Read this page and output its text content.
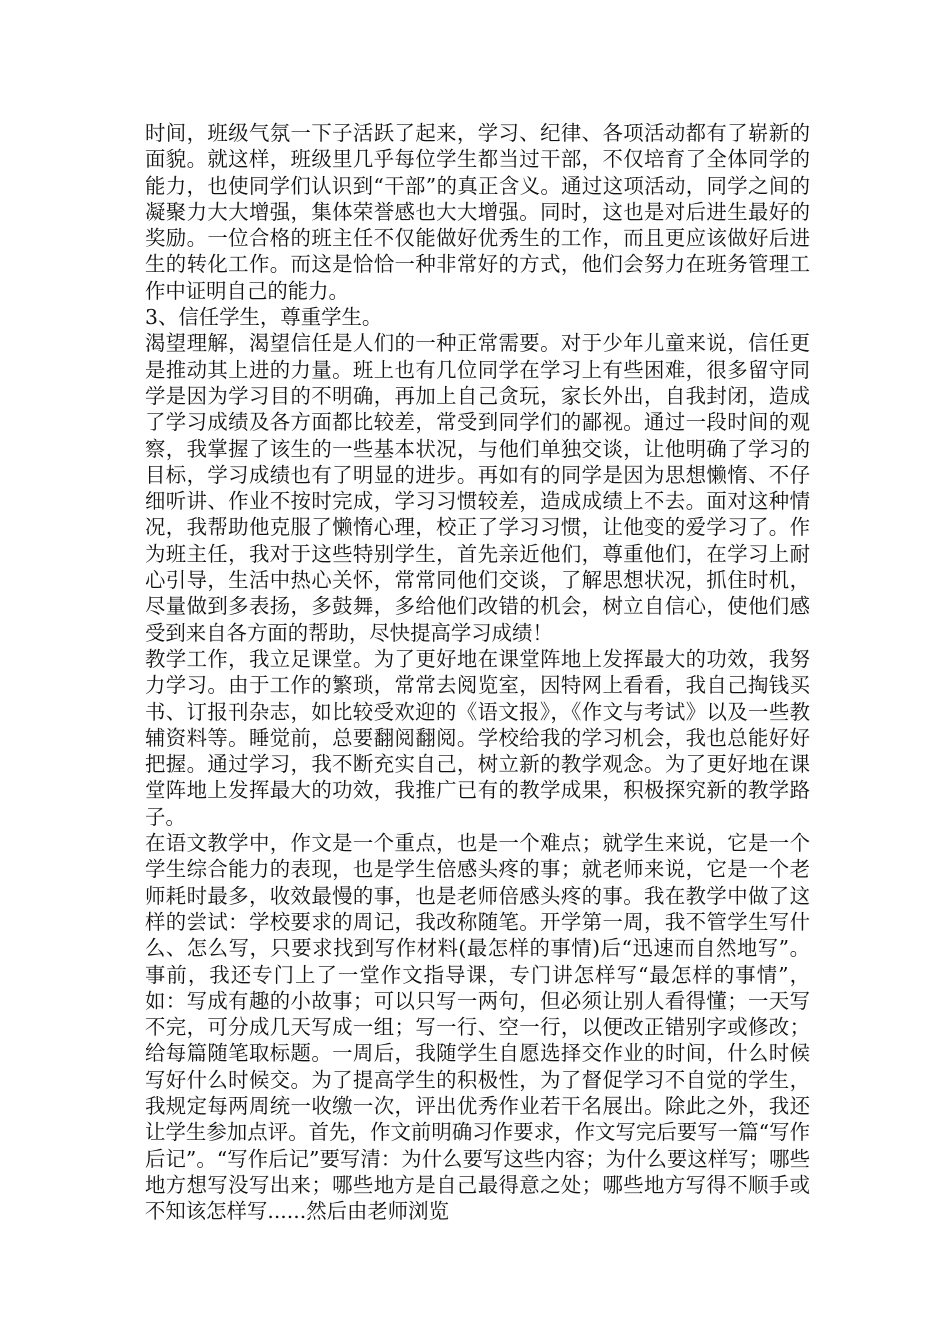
时间，班级气氛一下子活跃了起来，学习、纪律、各项活动都有了崭新的面貌。就这样，班级里几乎每位学生都当过干部，不仅培育了全体同学的能力，也使同学们认识到“干部”的真正含义。通过这项活动，同学之间的凝聚力大大增强，集体荣誉感也大大增强。同时，这也是对后进生最好的奖励。一位合格的班主任不仅能做好优秀生的工作，而且更应该做好后进生的转化工作。而这是恰恰一种非常好的方式，他们会努力在班务管理工作中证明自己的能力。

3、信任学生，尊重学生。

渴望理解，渴望信任是人们的一种正常需要。对于少年儿童来说，信任更是推动其上进的力量。班上也有几位同学在学习上有些困难，很多留守同学是因为学习目的不明确，再加上自己贪玩，家长外出，自我封闭，造成了学习成绩及各方面都比较差，常受到同学们的鄙视。通过一段时间的观察，我掌握了该生的一些基本状况，与他们单独交谈，让他明确了学习的目标，学习成绩也有了明显的进步。再如有的同学是因为思想懒惰、不仔细听讲、作业不按时完成，学习习惯较差，造成成绩上不去。面对这种情况，我帮助他克服了懒惰心理，校正了学习习惯，让他变的爱学习了。作为班主任，我对于这些特别学生，首先亲近他们，尊重他们，在学习上耐心引导，生活中热心关怀，常常同他们交谈，了解思想状况，抓住时机，尽量做到多表扬，多鼓舞，多给他们改错的机会，树立自信心，使他们感受到来自各方面的帮助，尽快提高学习成绩！

教学工作，我立足课堂。为了更好地在课堂阵地上发挥最大的功效，我努力学习。由于工作的繁琐，常常去阅览室，因特网上看看，我自己掏钱买书、订报刊杂志，如比较受欢迎的《语文报》，《作文与考试》以及一些教辅资料等。睡觉前，总要翻阅翻阅。学校给我的学习机会，我也总能好好把握。通过学习，我不断充实自己，树立新的教学观念。为了更好地在课堂阵地上发挥最大的功效，我推广已有的教学成果，积极探究新的教学路子。

在语文教学中，作文是一个重点，也是一个难点；就学生来说，它是一个学生综合能力的表现，也是学生倍感头疼的事；就老师来说，它是一个老师耗时最多，收效最慢的事，也是老师倍感头疼的事。我在教学中做了这样的尝试：学校要求的周记，我改称随笔。开学第一周，我不管学生写什么、怎么写，只要求找到写作材料(最怎样的事情)后“迅速而自然地写”。事前，我还专门上了一堂作文指导课，专门讲怎样写“最怎样的事情”，如：写成有趣的小故事；可以只写一两句，但必须让别人看得懂；一天写不完，可分成几天写成一组；写一行、空一行，以便改正错别字或修改；给每篇随笔取标题。一周后，我随学生自愿选择交作业的时间，什么时候写好什么时候交。为了提高学生的积极性，为了督促学习不自觉的学生，我规定每两周统一收缴一次，评出优秀作业若干名展出。除此之外，我还让学生参加点评。首先，作文前明确习作要求，作文写完后要写一篇“写作后记”。“写作后记”要写清：为什么要写这些内容；为什么要这样写；哪些地方想写没写出来；哪些地方是自己最得意之处；哪些地方写得不顺手或不知该怎样写......然后由老师浏览
